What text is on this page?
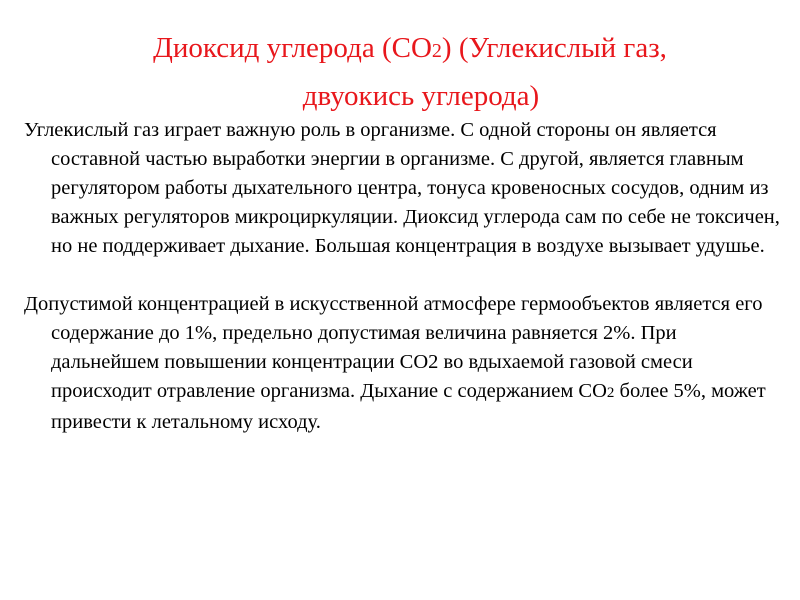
Диоксид углерода (СО2) (Углекислый газ,
двуокись углерода)

Углекислый газ играет важную роль в организме. С одной стороны он является составной частью выработки энергии в организме. С другой, является главным регулятором работы дыхательного центра, тонуса кровеносных сосудов, одним из важных регуляторов микроциркуляции. Диоксид углерода сам по себе не токсичен, но не поддерживает дыхание. Большая концентрация в воздухе вызывает удушье.

Допустимой концентрацией в искусственной атмосфере гермообъектов является его содержание до 1%, предельно допустимая величина равняется 2%. При дальнейшем повышении концентрации CO2 во вдыхаемой газовой смеси происходит отравление организма. Дыхание с содержанием СО2 более 5%, может привести к летальному исходу.
